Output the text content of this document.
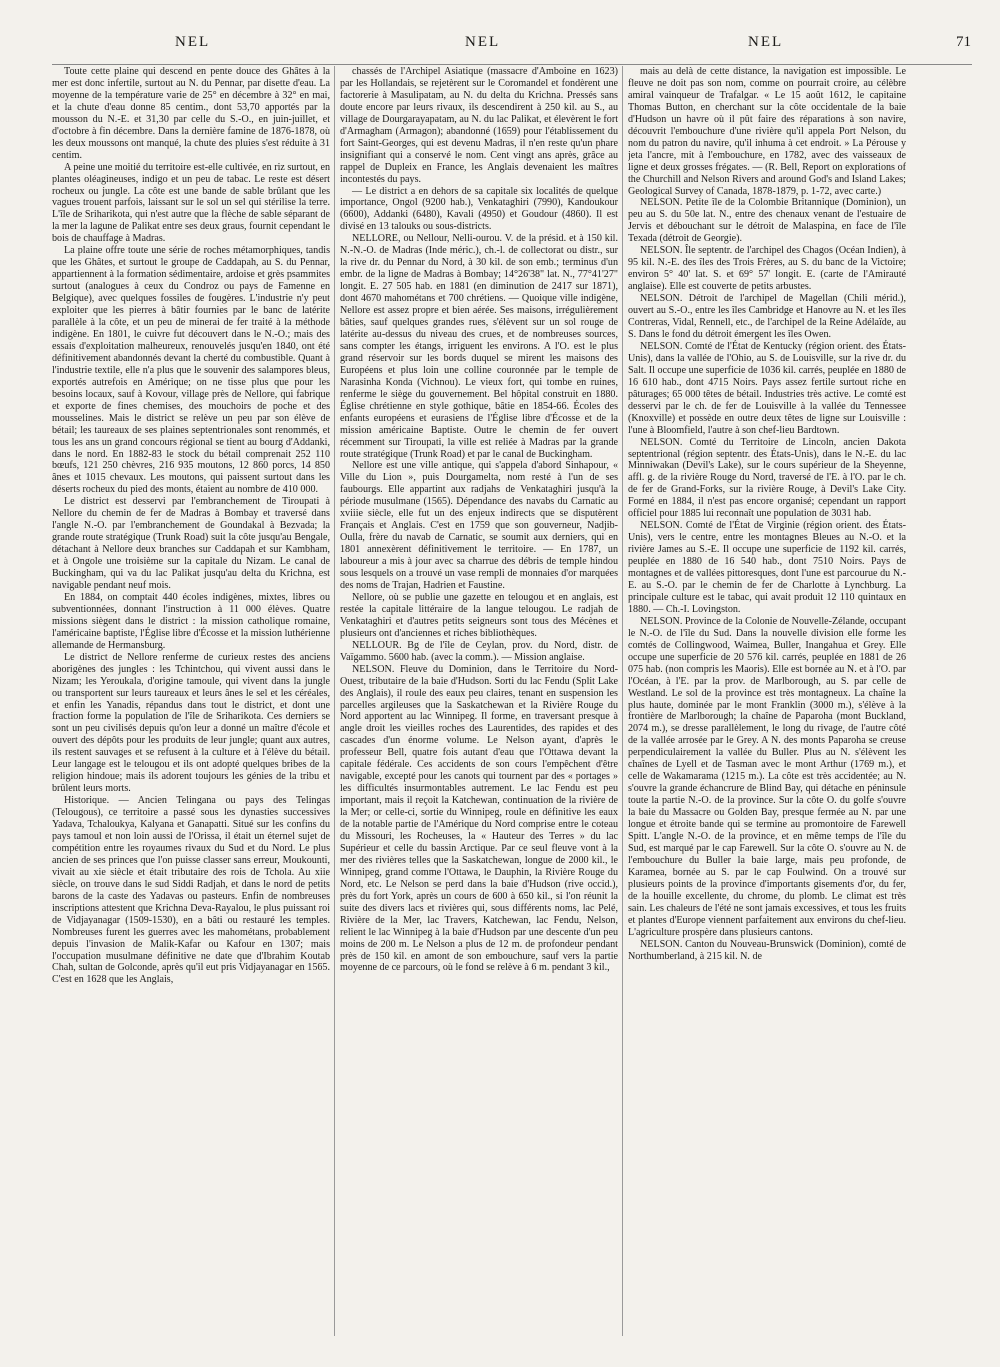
NEL	NEL	NEL	71

Toute cette plaine qui descend en pente douce des Ghâtes à la mer est donc infertile, surtout au N. du Pennar, par disette d'eau. La moyenne de la température varie de 25° en décembre à 32° en mai, et la chute d'eau donne 85 centim., dont 53,70 apportés par la mousson du N.-E. et 31,30 par celle du S.-O., en juin-juillet, et d'octobre à fin décembre. Dans la dernière famine de 1876-1878, où les deux moussons ont manqué, la chute des pluies s'est réduite à 31 centim.

A peine une moitié du territoire est-elle cultivée, en riz surtout, en plantes oléagineuses, indigo et un peu de tabac. Le reste est désert rocheux ou jungle. La côte est une bande de sable brûlant que les vagues trouent parfois, laissant sur le sol un sel qui stérilise la terre. L'île de Sriharikota, qui n'est autre que la flèche de sable séparant de la mer la lagune de Palikat entre ses deux graus, fournit cependant le bois de chauffage à Madras.

La plaine offre toute une série de roches métamorphiques, tandis que les Ghâtes, et surtout le groupe de Caddapah, au S. du Pennar, appartiennent à la formation sédimentaire, ardoise et grès psammites surtout (analogues à ceux du Condroz ou pays de Famenne en Belgique), avec quelques fossiles de fougères. L'industrie n'y peut exploiter que les pierres à bâtir fournies par le banc de latérite parallèle à la côte, et un peu de minerai de fer traité à la méthode indigène. En 1801, le cuivre fut découvert dans le N.-O.; mais des essais d'exploitation malheureux, renouvelés jusqu'en 1840, ont été définitivement abandonnés devant la cherté du combustible. Quant à l'industrie textile, elle n'a plus que le souvenir des salampores bleus, exportés autrefois en Amérique; on ne tisse plus que pour les besoins locaux, sauf à Kovour, village près de Nellore, qui fabrique et exporte de fines chemises, des mouchoirs de poche et des mousselines. Mais le district se relève un peu par son élève de bétail; les taureaux de ses plaines septentrionales sont renommés, et tous les ans un grand concours régional se tient au bourg d'Addanki, dans le nord. En 1882-83 le stock du bétail comprenait 252 110 bœufs, 121 250 chèvres, 216 935 moutons, 12 860 porcs, 14 850 ânes et 1015 chevaux. Les moutons, qui paissent surtout dans les déserts rocheux du pied des monts, étaient au nombre de 410 000.

Le district est desservi par l'embranchement de Tiroupati à Nellore du chemin de fer de Madras à Bombay et traversé dans l'angle N.-O. par l'embranchement de Goundakal à Bezvada; la grande route stratégique (Trunk Road) suit la côte jusqu'au Bengale, détachant à Nellore deux branches sur Caddapah et sur Kambham, et à Ongole une troisième sur la capitale du Nizam. Le canal de Buckingham, qui va du lac Palikat jusqu'au delta du Krichna, est navigable pendant neuf mois.

En 1884, on comptait 440 écoles indigènes, mixtes, libres ou subventionnées, donnant l'instruction à 11 000 élèves. Quatre missions siègent dans le district : la mission catholique romaine, l'américaine baptiste, l'Église libre d'Écosse et la mission luthérienne allemande de Hermansburg.

Le district de Nellore renferme de curieux restes des anciens aborigènes des jungles : les Tchintchou, qui vivent aussi dans le Nizam; les Yeroukala, d'origine tamoule, qui vivent dans la jungle ou transportent sur leurs taureaux et leurs ânes le sel et les céréales, et enfin les Yanadis, répandus dans tout le district, et dont une fraction forme la population de l'île de Sriharikota. Ces derniers se sont un peu civilisés depuis qu'on leur a donné un maître d'école et ouvert des dépôts pour les produits de leur jungle; quant aux autres, ils restent sauvages et se refusent à la culture et à l'élève du bétail. Leur langage est le telougou et ils ont adopté quelques bribes de la religion hindoue; mais ils adorent toujours les génies de la tribu et brûlent leurs morts.

Historique. — Ancien Telingana ou pays des Telingas (Telougous), ce territoire a passé sous les dynasties successives Yadava, Tchaloukya, Kalyana et Ganapatti. Situé sur les confins du pays tamoul et non loin aussi de l'Orissa, il était un éternel sujet de compétition entre les royaumes rivaux du Sud et du Nord. Le plus ancien de ses princes que l'on puisse classer sans erreur, Moukounti, vivait au xie siècle et était tributaire des rois de Tchola. Au xiie siècle, on trouve dans le sud Siddi Radjah, et dans le nord de petits barons de la caste des Yadavas ou pasteurs. Enfin de nombreuses inscriptions attestent que Krichna Deva-Rayalou, le plus puissant roi de Vidjayanagar (1509-1530), en a bâti ou restauré les temples. Nombreuses furent les guerres avec les mahométans, probablement depuis l'invasion de Malik-Kafar ou Kafour en 1307; mais l'occupation musulmane définitive ne date que d'Ibrahim Koutab Chah, sultan de Golconde, après qu'il eut pris Vidjayanagar en 1565. C'est en 1628 que les Anglais,

chassés de l'Archipel Asiatique (massacre d'Amboine en 1623) par les Hollandais, se rejetèrent sur le Coromandel et fondèrent une factorerie à Masulipatam, au N. du delta du Krichna. Pressés sans doute encore par leurs rivaux, ils descendirent à 250 kil. au S., au village de Dourgarayapatam, au N. du lac Palikat, et élevèrent le fort d'Armagham (Armagon); abandonné (1659) pour l'établissement du fort Saint-Georges, qui est devenu Madras, il n'en reste qu'un phare insignifiant qui a conservé le nom. Cent vingt ans après, grâce au rappel de Dupleix en France, les Anglais devenaient les maîtres incontestés du pays.

— Le district a en dehors de sa capitale six localités de quelque importance, Ongol (9200 hab.), Venkataghiri (7990), Kandoukour (6600), Addanki (6480), Kavali (4950) et Goudour (4860). Il est divisé en 13 talouks ou sous-districts.

NELLORE, ou Nellour, Nelli-ourou. V. de la présid. et à 150 kil. N.-N.-O. de Madras (Inde méric.), ch.-l. de collectorat ou distr., sur la rive dr. du Pennar du Nord, à 30 kil. de son emb.; terminus d'un embr. de la ligne de Madras à Bombay; 14°26'38" lat. N., 77°41'27" longit. E. 27 505 hab. en 1881 (en diminution de 2417 sur 1871), dont 4670 mahométans et 700 chrétiens. — Quoique ville indigène, Nellore est assez propre et bien aérée. Ses maisons, irrégulièrement bâties, sauf quelques grandes rues, s'élèvent sur un sol rouge de latérite au-dessus du niveau des crues, et de nombreuses sources, sans compter les étangs, irriguent les environs. A l'O. est le plus grand réservoir sur les bords duquel se mirent les maisons des Européens et plus loin une colline couronnée par le temple de Narasinha Konda (Vichnou). Le vieux fort, qui tombe en ruines, renferme le siège du gouvernement. Bel hôpital construit en 1880. Église chrétienne en style gothique, bâtie en 1854-66. Écoles des enfants européens et eurasiens de l'Église libre d'Écosse et de la mission américaine Baptiste. Outre le chemin de fer ouvert récemment sur Tiroupati, la ville est reliée à Madras par la grande route stratégique (Trunk Road) et par le canal de Buckingham.

Nellore est une ville antique, qui s'appela d'abord Sinhapour, « Ville du Lion », puis Dourgamelta, nom resté à l'un de ses faubourgs. Elle appartint aux radjahs de Venkataghiri jusqu'à la période musulmane (1565). Dépendance des navabs du Carnatic au xviiie siècle, elle fut un des enjeux indirects que se disputèrent Français et Anglais. C'est en 1759 que son gouverneur, Nadjib-Oulla, frère du navab de Carnatic, se soumit aux derniers, qui en 1801 annexèrent définitivement le territoire. — En 1787, un laboureur a mis à jour avec sa charrue des débris de temple hindou sous lesquels on a trouvé un vase rempli de monnaies d'or marquées des noms de Trajan, Hadrien et Faustine.

Nellore, où se publie une gazette en telougou et en anglais, est restée la capitale littéraire de la langue telougou. Le radjah de Venkataghiri et d'autres petits seigneurs sont tous des Mécènes et plusieurs ont d'anciennes et riches bibliothèques.

NELLOUR. Bg de l'île de Ceylan, prov. du Nord, distr. de Vaïgammo. 5600 hab. (avec la comm.). — Mission anglaise.

NELSON. Fleuve du Dominion, dans le Territoire du Nord-Ouest, tributaire de la baie d'Hudson. Sorti du lac Fendu (Split Lake des Anglais), il roule des eaux peu claires, tenant en suspension les parcelles argileuses que la Saskatchewan et la Rivière Rouge du Nord apportent au lac Winnipeg. Il forme, en traversant presque à angle droit les vieilles roches des Laurentides, des rapides et des cascades d'un énorme volume. Le Nelson ayant, d'après le professeur Bell, quatre fois autant d'eau que l'Ottawa devant la capitale fédérale. Ces accidents de son cours l'empêchent d'être navigable, excepté pour les canots qui tournent par des « portages » les difficultés insurmontables autrement. Le lac Fendu est peu important, mais il reçoit la Katchewan, continuation de la rivière de la Mer; or celle-ci, sortie du Winnipeg, roule en définitive les eaux de la notable partie de l'Amérique du Nord comprise entre le coteau du Missouri, les Rocheuses, la « Hauteur des Terres » du lac Supérieur et celle du bassin Arctique. Par ce seul fleuve vont à la mer des rivières telles que la Saskatchewan, longue de 2000 kil., le Winnipeg, grand comme l'Ottawa, le Dauphin, la Rivière Rouge du Nord, etc. Le Nelson se perd dans la baie d'Hudson (rive occid.), près du fort York, après un cours de 600 à 650 kil., si l'on réunit la suite des divers lacs et rivières qui, sous différents noms, lac Pelé, Rivière de la Mer, lac Travers, Katchewan, lac Fendu, Nelson, relient le lac Winnipeg à la baie d'Hudson par une descente d'un peu moins de 200 m. Le Nelson a plus de 12 m. de profondeur pendant près de 150 kil. en amont de son embouchure, sauf vers la partie moyenne de ce parcours, où le fond se relève à 6 m. pendant 3 kil.,

mais au delà de cette distance, la navigation est impossible. Le fleuve ne doit pas son nom, comme on pourrait croire, au célèbre amiral vainqueur de Trafalgar. « Le 15 août 1612, le capitaine Thomas Button, en cherchant sur la côte occidentale de la baie d'Hudson un havre où il pût faire des réparations à son navire, découvrit l'embouchure d'une rivière qu'il appela Port Nelson, du nom du patron du navire, qu'il inhuma à cet endroit. » La Pérouse y jeta l'ancre, mit à l'embouchure, en 1782, avec des vaisseaux de ligne et deux grosses frégates. — (R. Bell, Report on explorations of the Churchill and Nelson Rivers and around God's and Island Lakes; Geological Survey of Canada, 1878-1879, p. 1-72, avec carte.)

NELSON. Petite île de la Colombie Britannique (Dominion), un peu au S. du 50e lat. N., entre des chenaux venant de l'estuaire de Jervis et débouchant sur le détroit de Malaspina, en face de l'île Texada (détroit de Georgie).

NELSON. Île septentr. de l'archipel des Chagos (Océan Indien), à 95 kil. N.-E. des îles des Trois Frères, au S. du banc de la Victoire; environ 5° 40' lat. S. et 69° 57' longit. E. (carte de l'Amirauté anglaise). Elle est couverte de petits arbustes.

NELSON. Détroit de l'archipel de Magellan (Chili mérid.), ouvert au S.-O., entre les îles Cambridge et Hanovre au N. et les îles Contreras, Vidal, Rennell, etc., de l'archipel de la Reine Adélaïde, au S. Dans le fond du détroit émergent les îles Owen.

NELSON. Comté de l'État de Kentucky (région orient. des États-Unis), dans la vallée de l'Ohio, au S. de Louisville, sur la rive dr. du Salt. Il occupe une superficie de 1036 kil. carrés, peuplée en 1880 de 16 610 hab., dont 4715 Noirs. Pays assez fertile surtout riche en pâturages; 65 000 têtes de bétail. Industries très active. Le comté est desservi par le ch. de fer de Louisville à la vallée du Tennessee (Knoxville) et possède en outre deux têtes de ligne sur Louisville : l'une à Bloomfield, l'autre à son chef-lieu Bardtown.

NELSON. Comté du Territoire de Lincoln, ancien Dakota septentrional (région septentr. des États-Unis), dans le N.-E. du lac Minniwakan (Devil's Lake), sur le cours supérieur de la Sheyenne, affl. g. de la rivière Rouge du Nord, traversé de l'E. à l'O. par le ch. de fer de Grand-Forks, sur la rivière Rouge, à Devil's Lake City. Formé en 1884, il n'est pas encore organisé; cependant un rapport officiel pour 1885 lui reconnaît une population de 3031 hab.

NELSON. Comté de l'État de Virginie (région orient. des États-Unis), vers le centre, entre les montagnes Bleues au N.-O. et la rivière James au S.-E. Il occupe une superficie de 1192 kil. carrés, peuplée en 1880 de 16 540 hab., dont 7510 Noirs. Pays de montagnes et de vallées pittoresques, dont l'une est parcourue du N.-E. au S.-O. par le chemin de fer de Charlotte à Lynchburg. La principale culture est le tabac, qui avait produit 12 110 quintaux en 1880. — Ch.-I. Lovingston.

NELSON. Province de la Colonie de Nouvelle-Zélande, occupant le N.-O. de l'île du Sud. Dans la nouvelle division elle forme les comtés de Collingwood, Waimea, Buller, Inangahua et Grey. Elle occupe une superficie de 20 576 kil. carrés, peuplée en 1881 de 26 075 hab. (non compris les Maoris). Elle est bornée au N. et à l'O. par l'Océan, à l'E. par la prov. de Marlborough, au S. par celle de Westland. Le sol de la province est très montagneux. La chaîne la plus haute, dominée par le mont Franklin (3000 m.), s'élève à la frontière de Marlborough; la chaîne de Paparoha (mont Buckland, 2074 m.), se dresse parallèlement, le long du rivage, de l'autre côté de la vallée arrosée par le Grey. A N. des monts Paparoha se creuse perpendiculairement la vallée du Buller. Plus au N. s'élèvent les chaînes de Lyell et de Tasman avec le mont Arthur (1769 m.), et celle de Wakamarama (1215 m.). La côte est très accidentée; au N. s'ouvre la grande échancrure de Blind Bay, qui détache en péninsule toute la partie N.-O. de la province. Sur la côte O. du golfe s'ouvre la baie du Massacre ou Golden Bay, presque fermée au N. par une longue et étroite bande qui se termine au promontoire de Farewell Spitt. L'angle N.-O. de la province, et en même temps de l'île du Sud, est marqué par le cap Farewell. Sur la côte O. s'ouvre au N. de l'embouchure du Buller la baie large, mais peu profonde, de Karamea, bornée au S. par le cap Foulwind. On a trouvé sur plusieurs points de la province d'importants gisements d'or, du fer, de la houille excellente, du chrome, du plomb. Le climat est très sain. Les chaleurs de l'été ne sont jamais excessives, et tous les fruits et plantes d'Europe viennent parfaitement aux environs du chef-lieu. L'agriculture prospère dans plusieurs cantons.

NELSON. Canton du Nouveau-Brunswick (Dominion), comté de Northumberland, à 215 kil. N. de
